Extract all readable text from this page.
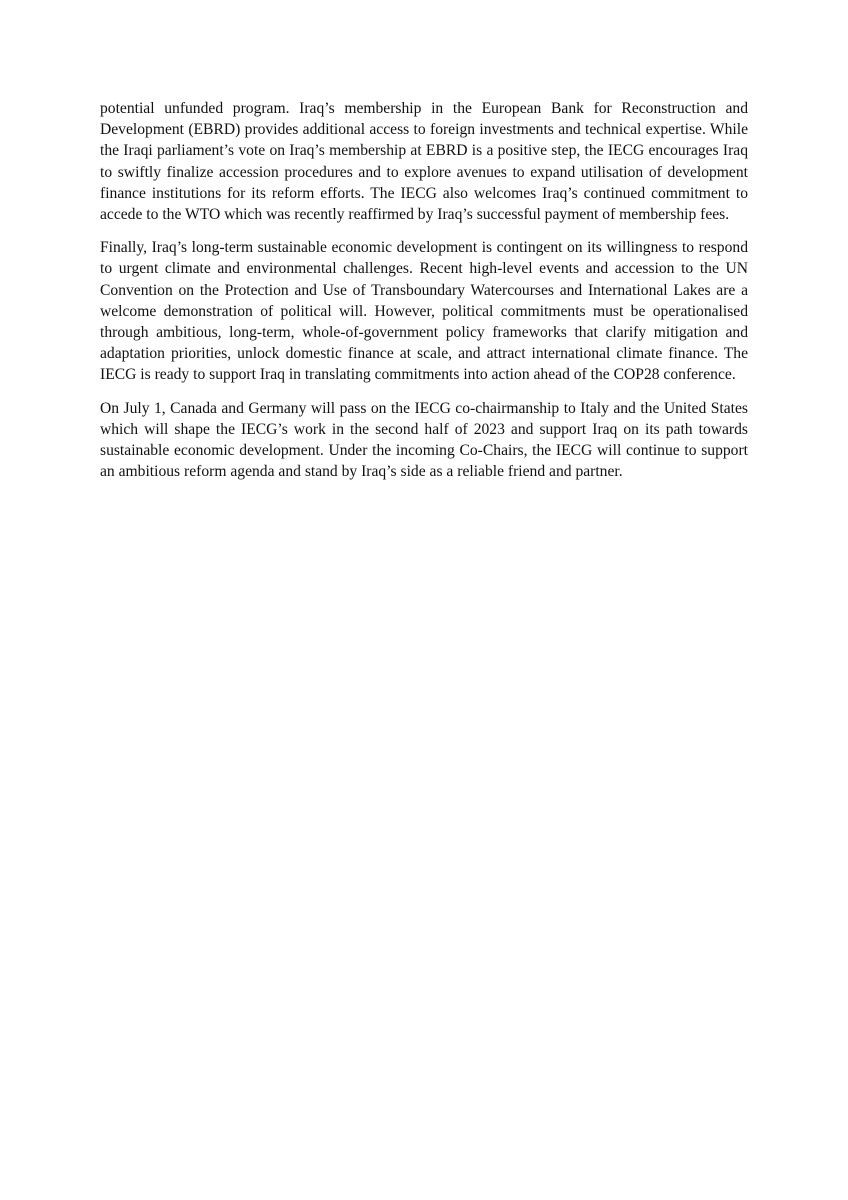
potential unfunded program. Iraq’s membership in the European Bank for Reconstruction and Development (EBRD) provides additional access to foreign investments and technical expertise. While the Iraqi parliament’s vote on Iraq’s membership at EBRD is a positive step, the IECG encourages Iraq to swiftly finalize accession procedures and to explore avenues to expand utilisation of development finance institutions for its reform efforts. The IECG also welcomes Iraq’s continued commitment to accede to the WTO which was recently reaffirmed by Iraq’s successful payment of membership fees.

Finally, Iraq’s long-term sustainable economic development is contingent on its willingness to respond to urgent climate and environmental challenges. Recent high-level events and accession to the UN Convention on the Protection and Use of Transboundary Watercourses and International Lakes are a welcome demonstration of political will. However, political commitments must be operationalised through ambitious, long-term, whole-of-government policy frameworks that clarify mitigation and adaptation priorities, unlock domestic finance at scale, and attract international climate finance. The IECG is ready to support Iraq in translating commitments into action ahead of the COP28 conference.

On July 1, Canada and Germany will pass on the IECG co-chairmanship to Italy and the United States which will shape the IECG’s work in the second half of 2023 and support Iraq on its path towards sustainable economic development. Under the incoming Co-Chairs, the IECG will continue to support an ambitious reform agenda and stand by Iraq’s side as a reliable friend and partner.
